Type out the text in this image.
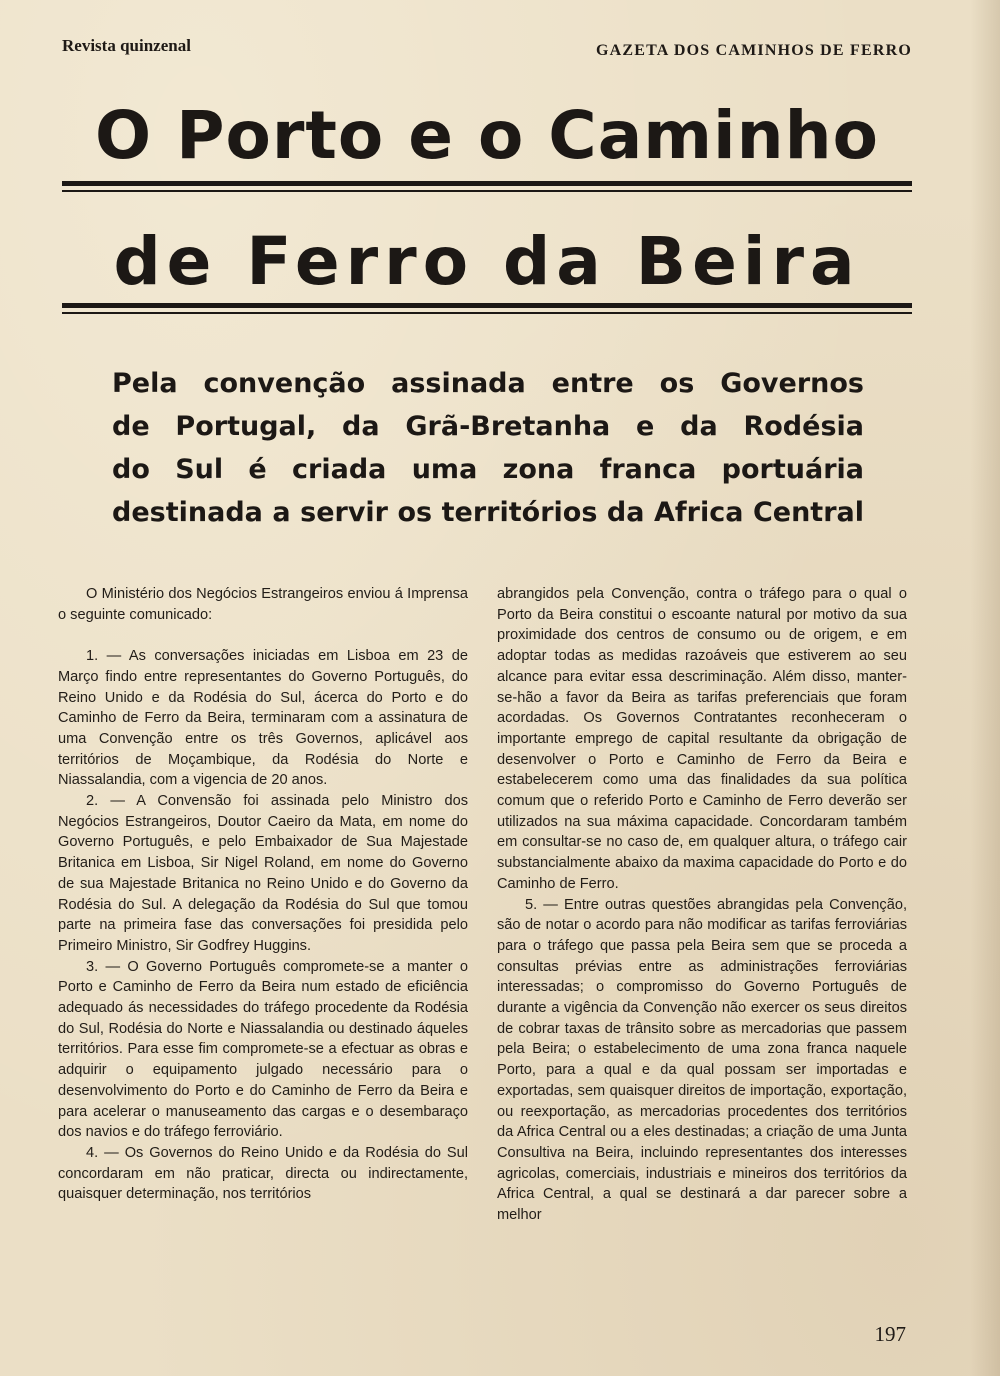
Revista quinzenal	GAZETA DOS CAMINHOS DE FERRO
O Porto e o Caminho
de Ferro da Beira
Pela convenção assinada entre os Governos
de Portugal, da Grã-Bretanha e da Rodésia
do Sul é criada uma zona franca portuária
destinada a servir os territórios da Africa Central

O Ministério dos Negócios Estrangeiros enviou á Imprensa o seguinte comunicado:

1. — As conversações iniciadas em Lisboa em 23 de Março findo entre representantes do Governo Português, do Reino Unido e da Rodésia do Sul, ácerca do Porto e do Caminho de Ferro da Beira, terminaram com a assinatura de uma Convenção entre os três Governos, aplicável aos territórios de Moçambique, da Rodésia do Norte e Niassalandia, com a vigencia de 20 anos.

2. — A Convensão foi assinada pelo Ministro dos Negócios Estrangeiros, Doutor Caeiro da Mata, em nome do Governo Português, e pelo Embaixador de Sua Majestade Britanica em Lisboa, Sir Nigel Roland, em nome do Governo de sua Majestade Britanica no Reino Unido e do Governo da Rodésia do Sul. A delegação da Rodésia do Sul que tomou parte na primeira fase das conversações foi presidida pelo Primeiro Ministro, Sir Godfrey Huggins.

3. — O Governo Português compromete-se a manter o Porto e Caminho de Ferro da Beira num estado de eficiência adequado ás necessidades do tráfego procedente da Rodésia do Sul, Rodésia do Norte e Niassalandia ou destinado áqueles territórios. Para esse fim compromete-se a efectuar as obras e adquirir o equipamento julgado necessário para o desenvolvimento do Porto e do Caminho de Ferro da Beira e para acelerar o manuseamento das cargas e o desembaraço dos navios e do tráfego ferroviário.

4. — Os Governos do Reino Unido e da Rodésia do Sul concordaram em não praticar, directa ou indirectamente, quaisquer determinação, nos territórios

abrangidos pela Convenção, contra o tráfego para o qual o Porto da Beira constitui o escoante natural por motivo da sua proximidade dos centros de consumo ou de origem, e em adoptar todas as medidas razoáveis que estiverem ao seu alcance para evitar essa descriminação. Além disso, manter-se-hão a favor da Beira as tarifas preferenciais que foram acordadas. Os Governos Contratantes reconheceram o importante emprego de capital resultante da obrigação de desenvolver o Porto e Caminho de Ferro da Beira e estabelecerem como uma das finalidades da sua política comum que o referido Porto e Caminho de Ferro deverão ser utilizados na sua máxima capacidade. Concordaram também em consultar-se no caso de, em qualquer altura, o tráfego cair substancialmente abaixo da maxima capacidade do Porto e do Caminho de Ferro.

5. — Entre outras questões abrangidas pela Convenção, são de notar o acordo para não modificar as tarifas ferroviárias para o tráfego que passa pela Beira sem que se proceda a consultas prévias entre as administrações ferroviárias interessadas; o compromisso do Governo Português de durante a vigência da Convenção não exercer os seus direitos de cobrar taxas de trânsito sobre as mercadorias que passem pela Beira; o estabelecimento de uma zona franca naquele Porto, para a qual e da qual possam ser importadas e exportadas, sem quaisquer direitos de importação, exportação, ou reexportação, as mercadorias procedentes dos territórios da Africa Central ou a eles destinadas; a criação de uma Junta Consultiva na Beira, incluindo representantes dos interesses agricolas, comerciais, industriais e mineiros dos territórios da Africa Central, a qual se destinará a dar parecer sobre a melhor

197
